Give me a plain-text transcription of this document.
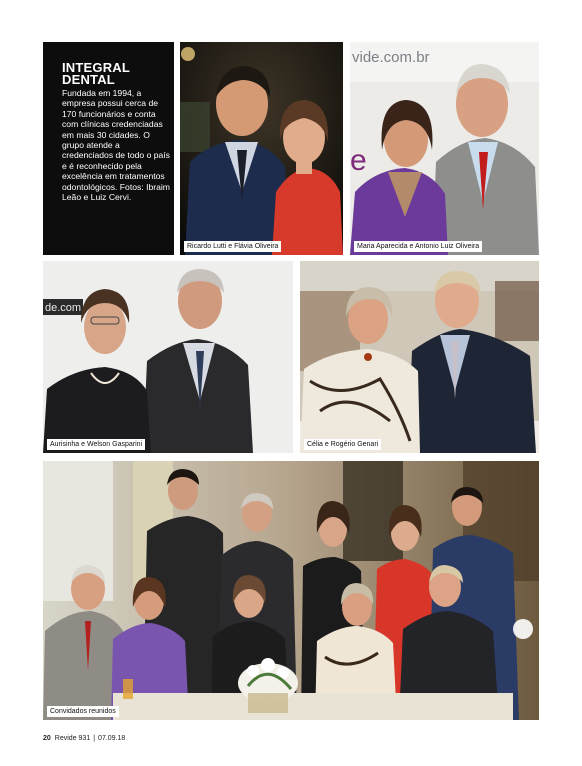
INTEGRAL DENTAL
Fundada em 1994, a empresa possui cerca de 170 funcionários e conta com clínicas credenciadas em mais 30 cidades. O grupo atende a credenciados de todo o país e é reconhecido pela excelência em tratamentos odontológicos. Fotos: Ibraim Leão e Luiz Cervi.
Ricardo Lutti e Flávia Oliveira
vide.com.br
e
Maria Aparecida e Antonio Luiz Oliveira
de.com
Aurisinha e Welson Gasparini	Célia e Rogério Genari
Convidados reunidos
20 Revide 931 | 07.09.18
